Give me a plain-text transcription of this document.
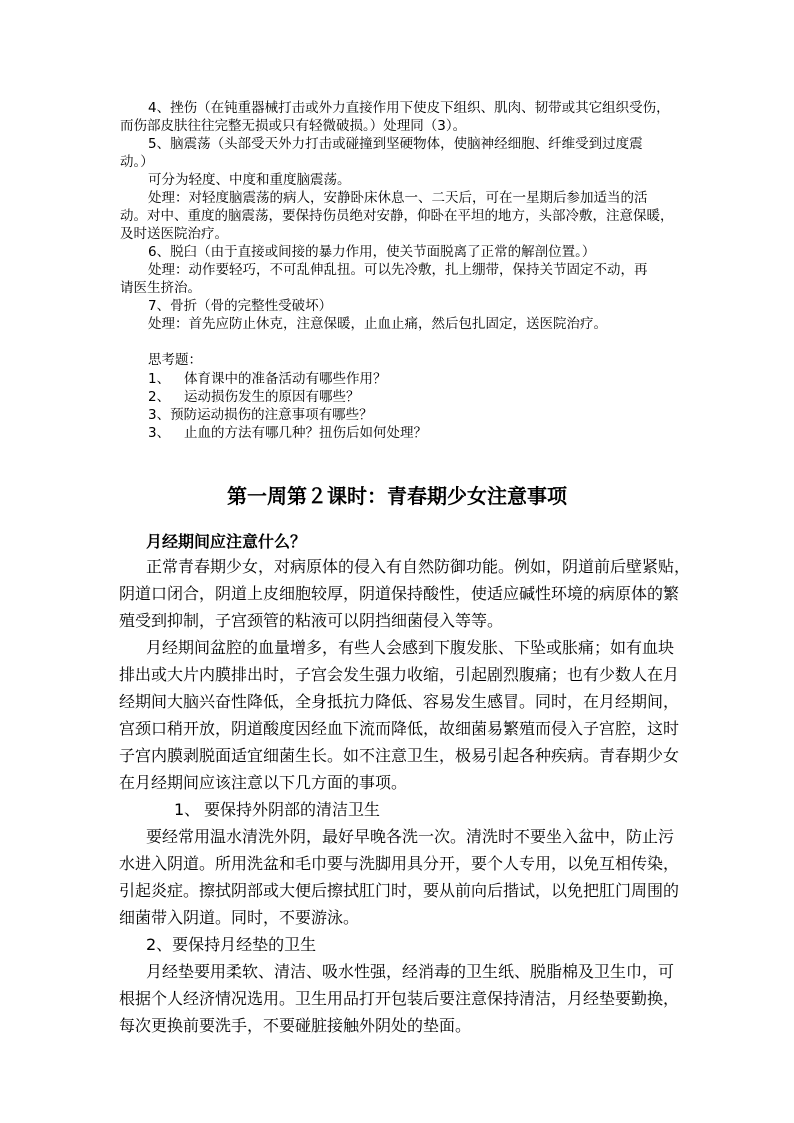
4、挫伤（在钝重器械打击或外力直接作用下使皮下组织、肌肉、韧带或其它组织受伤，
而伤部皮肤往往完整无损或只有轻微破损。）处理同（3）。
5、脑震荡（头部受天外力打击或碰撞到坚硬物体，使脑神经细胞、纤维受到过度震
动。）
可分为轻度、中度和重度脑震荡。
处理：对轻度脑震荡的病人，安静卧床休息一、二天后，可在一星期后参加适当的活
动。对中、重度的脑震荡，要保持伤员绝对安静，仰卧在平坦的地方，头部冷敷，注意保暖，
及时送医院治疗。
6、脱臼（由于直接或间接的暴力作用，使关节面脱离了正常的解剖位置。）
处理：动作要轻巧，不可乱伸乱扭。可以先冷敷，扎上绷带，保持关节固定不动，再
请医生挤治。
7、骨折（骨的完整性受破坏）
处理：首先应防止休克，注意保暖，止血止痛，然后包扎固定，送医院治疗。
思考题：
1、 体育课中的准备活动有哪些作用？
2、 运动损伤发生的原因有哪些？
3、预防运动损伤的注意事项有哪些？
3、 止血的方法有哪几种？扭伤后如何处理？
第一周第２课时：青春期少女注意事项
月经期间应注意什么？
正常青春期少女，对病原体的侵入有自然防御功能。例如，阴道前后壁紧贴，
阴道口闭合，阴道上皮细胞较厚，阴道保持酸性，使适应碱性环境的病原体的繁
殖受到抑制，子宫颈管的粘液可以阴挡细菌侵入等等。
月经期间盆腔的血量增多，有些人会感到下腹发胀、下坠或胀痛；如有血块
排出或大片内膜排出时，子宫会发生强力收缩，引起剧烈腹痛；也有少数人在月
经期间大脑兴奋性降低，全身抵抗力降低、容易发生感冒。同时，在月经期间，
宫颈口稍开放，阴道酸度因经血下流而降低，故细菌易繁殖而侵入子宫腔，这时
子宫内膜剥脱面适宜细菌生长。如不注意卫生，极易引起各种疾病。青春期少女
在月经期间应该注意以下几方面的事项。
1、 要保持外阴部的清洁卫生
要经常用温水清洗外阴，最好早晚各洗一次。清洗时不要坐入盆中，防止污
水进入阴道。所用洗盆和毛巾要与洗脚用具分开，要个人专用，以免互相传染，
引起炎症。擦拭阴部或大便后擦拭肛门时，要从前向后揩试，以免把肛门周围的
细菌带入阴道。同时，不要游泳。
2、要保持月经垫的卫生
月经垫要用柔软、清洁、吸水性强，经消毒的卫生纸、脱脂棉及卫生巾，可
根据个人经济情况选用。卫生用品打开包装后要注意保持清洁，月经垫要勤换，
每次更换前要洗手，不要碰脏接触外阴处的垫面。
